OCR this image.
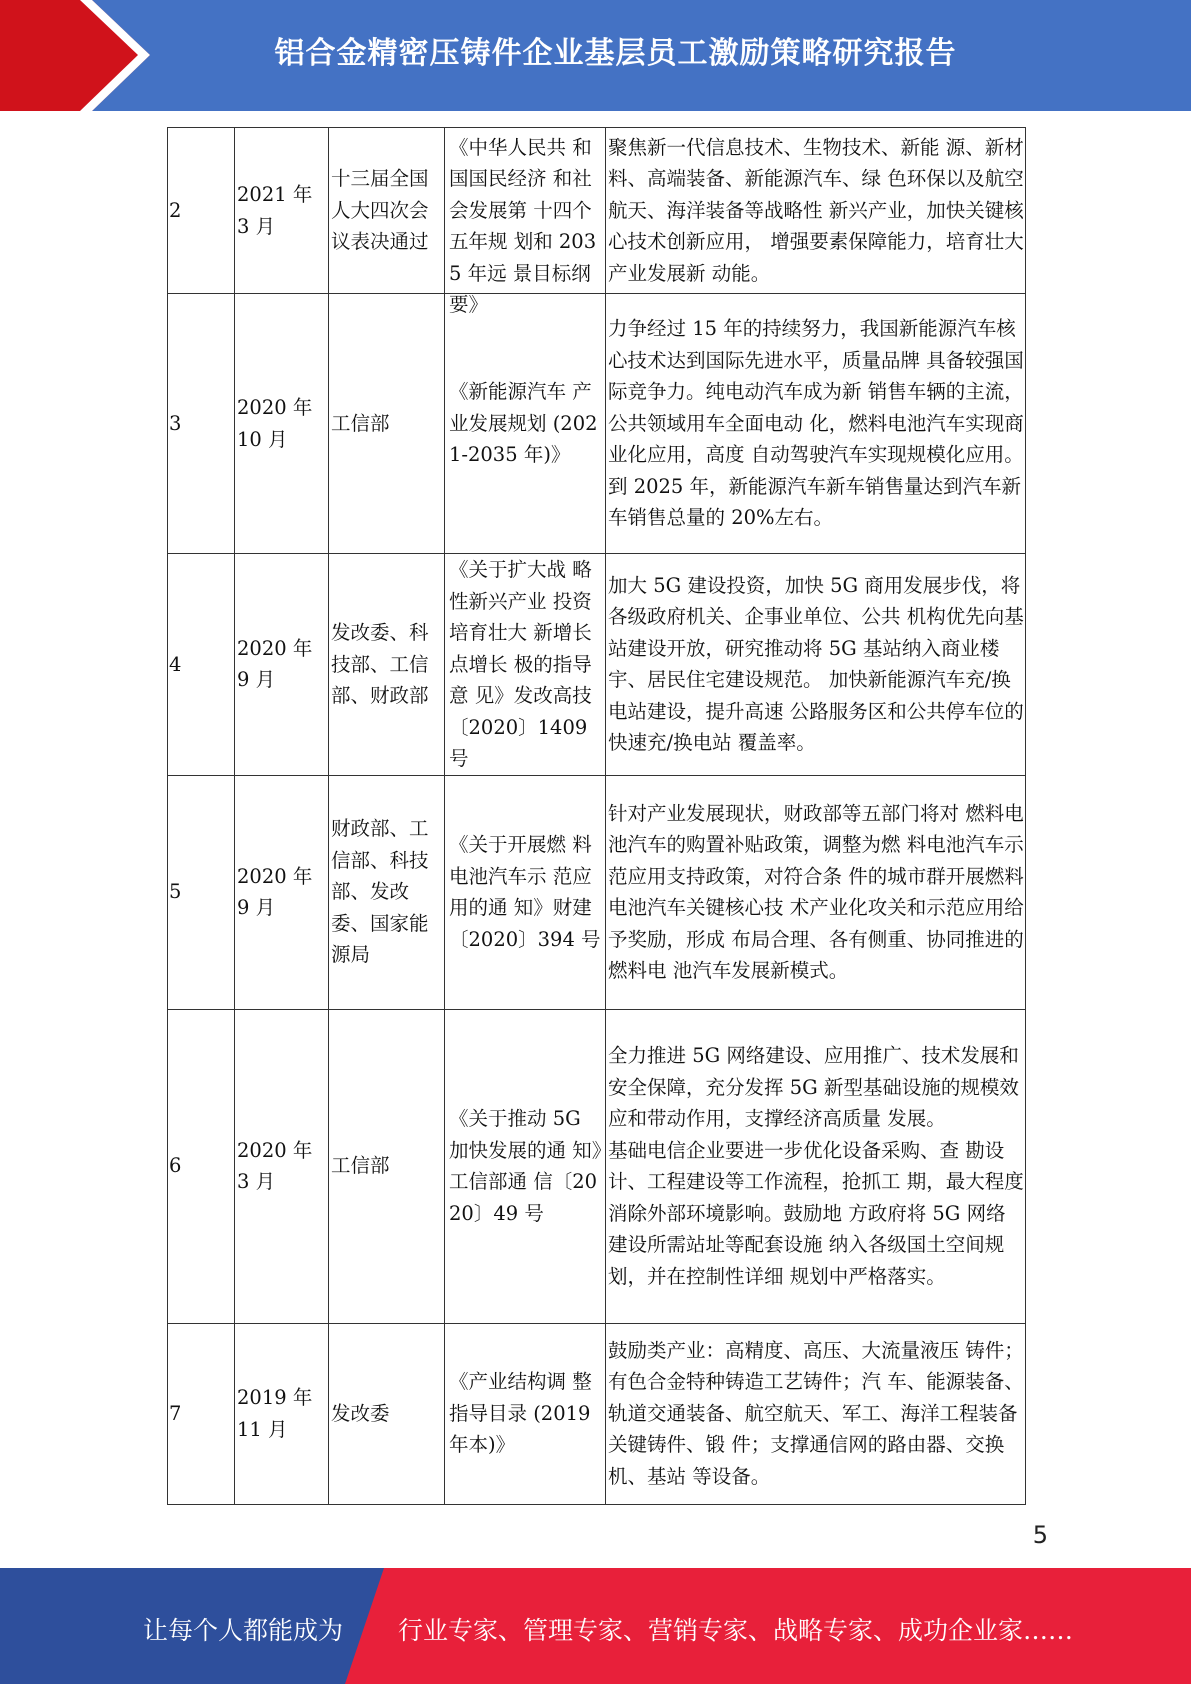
铝合金精密压铸件企业基层员工激励策略研究报告
2	2021 年 3 月	十三届全国人大四次会议表决通过	《中华人民共 和国国民经济 和社会发展第 十四个五年规 划和 2035 年远 景目标纲要》	聚焦新一代信息技术、生物技术、新能 源、新材料、高端装备、新能源汽车、绿 色环保以及航空航天、海洋装备等战略性 新兴产业，加快关键核心技术创新应用， 增强要素保障能力，培育壮大产业发展新 动能。
3	2020 年 10 月	工信部	《新能源汽车 产业发展规划 (2021-2035 年)》	力争经过 15 年的持续努力，我国新能源汽车核心技术达到国际先进水平，质量品牌 具备较强国际竞争力。纯电动汽车成为新 销售车辆的主流，公共领域用车全面电动 化，燃料电池汽车实现商业化应用，高度 自动驾驶汽车实现规模化应用。
到 2025 年，新能源汽车新车销售量达到汽车新车销售总量的 20%左右。

4	2020 年 9 月	发改委、科技部、工信部、财政部	《关于扩大战 略性新兴产业 投资培育壮大 新增长点增长 极的指导意 见》发改高技〔2020〕1409 号	加大 5G 建设投资，加快 5G 商用发展步伐，将各级政府机关、企事业单位、公共 机构优先向基站建设开放，研究推动将 5G 基站纳入商业楼宇、居民住宅建设规范。 加快新能源汽车充/换电站建设，提升高速 公路服务区和公共停车位的快速充/换电站 覆盖率。
5	2020 年 9 月	财政部、工信部、科技部、发改委、国家能源局	《关于开展燃 料电池汽车示 范应用的通 知》财建〔2020〕394 号	针对产业发展现状，财政部等五部门将对 燃料电池汽车的购置补贴政策，调整为燃 料电池汽车示范应用支持政策，对符合条 件的城市群开展燃料电池汽车关键核心技 术产业化攻关和示范应用给予奖励，形成 布局合理、各有侧重、协同推进的燃料电 池汽车发展新模式。
6	2020 年 3 月	工信部	《关于推动 5G 加快发展的通 知》工信部通 信〔2020〕49 号	全力推进 5G 网络建设、应用推广、技术发展和安全保障，充分发挥 5G 新型基础设施的规模效应和带动作用，支撑经济高质量 发展。
基础电信企业要进一步优化设备采购、查 勘设计、工程建设等工作流程，抢抓工 期，最大程度消除外部环境影响。鼓励地 方政府将 5G 网络建设所需站址等配套设施 纳入各级国土空间规划，并在控制性详细 规划中严格落实。

7	2019 年 11 月	发改委	《产业结构调 整指导目录 (2019 年本)》	鼓励类产业：高精度、高压、大流量液压 铸件；有色合金特种铸造工艺铸件；汽 车、能源装备、轨道交通装备、航空航天、军工、海洋工程装备关键铸件、锻 件；支撑通信网的路由器、交换机、基站 等设备。
5
让每个人都能成为 行业专家、管理专家、营销专家、战略专家、成功企业家……
